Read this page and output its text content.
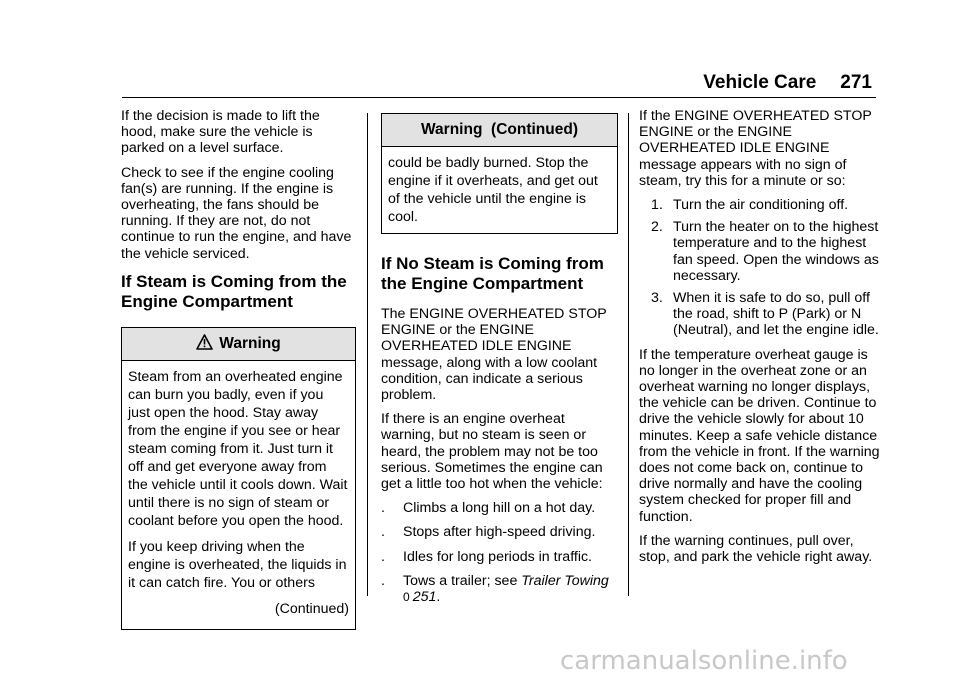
Vehicle Care 271

If the decision is made to lift the hood, make sure the vehicle is parked on a level surface.

Check to see if the engine cooling fan(s) are running. If the engine is overheating, the fans should be running. If they are not, do not continue to run the engine, and have the vehicle serviced.

If Steam is Coming from the Engine Compartment
Warning

Steam from an overheated engine can burn you badly, even if you just open the hood. Stay away from the engine if you see or hear steam coming from it. Just turn it off and get everyone away from the vehicle until it cools down. Wait until there is no sign of steam or coolant before you open the hood.

If you keep driving when the engine is overheated, the liquids in it can catch fire. You or others

(Continued)

Warning  (Continued)

could be badly burned. Stop the engine if it overheats, and get out of the vehicle until the engine is cool.

If No Steam is Coming from the Engine Compartment

The ENGINE OVERHEATED STOP ENGINE or the ENGINE OVERHEATED IDLE ENGINE message, along with a low coolant condition, can indicate a serious problem.

If there is an engine overheat warning, but no steam is seen or heard, the problem may not be too serious. Sometimes the engine can get a little too hot when the vehicle:

. Climbs a long hill on a hot day.
. Stops after high-speed driving.
. Idles for long periods in traffic.
. Tows a trailer; see Trailer Towing
0 251.

If the ENGINE OVERHEATED STOP ENGINE or the ENGINE OVERHEATED IDLE ENGINE message appears with no sign of steam, try this for a minute or so:

1. Turn the air conditioning off.
2. Turn the heater on to the highest temperature and to the highest fan speed. Open the windows as necessary.
3. When it is safe to do so, pull off the road, shift to P (Park) or N (Neutral), and let the engine idle.

If the temperature overheat gauge is no longer in the overheat zone or an overheat warning no longer displays, the vehicle can be driven. Continue to drive the vehicle slowly for about 10 minutes. Keep a safe vehicle distance from the vehicle in front. If the warning does not come back on, continue to drive normally and have the cooling system checked for proper fill and function.

If the warning continues, pull over, stop, and park the vehicle right away.

carmanualsonline.info
